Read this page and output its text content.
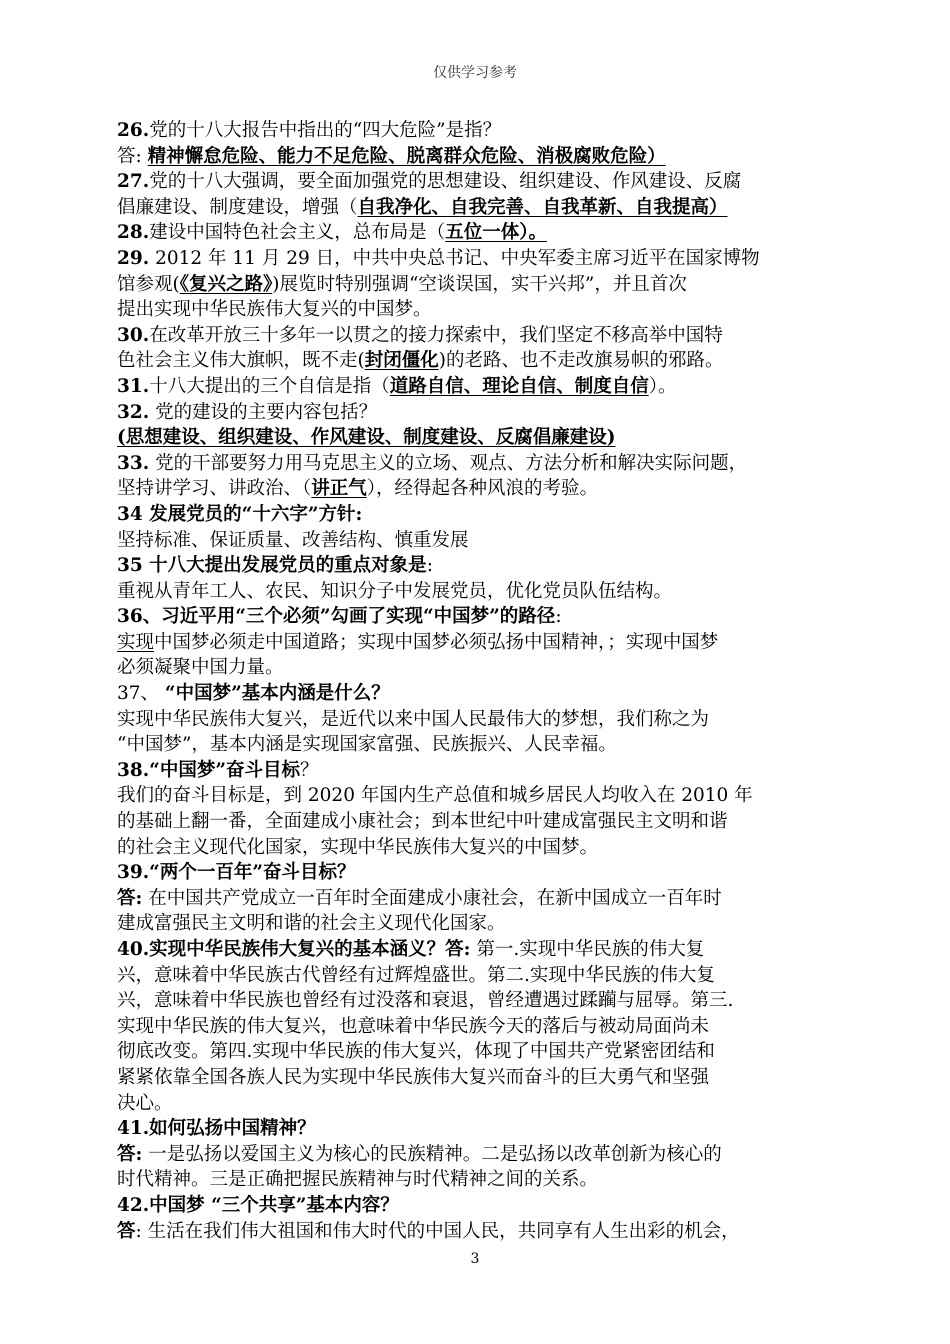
仅供学习参考
26.党的十八大报告中指出的“四大危险”是指？
答: 精神懈怠危险、能力不足危险、脱离群众危险、消极腐败危险）
27.党的十八大强调，要全面加强党的思想建设、组织建设、作风建设、反腐
倡廉建设、制度建设，增强（自我净化、自我完善、自我革新、自我提高）
28.建设中国特色社会主义，总布局是（五位一体）。
29. 2012 年 11 月 29 日，中共中央总书记、中央军委主席习近平在国家博物
馆参观(《复兴之路》)展览时特别强调“空谈误国，实干兴邦”，并且首次
提出实现中华民族伟大复兴的中国梦。
30.在改革开放三十多年一以贯之的接力探索中，我们坚定不移高举中国特
色社会主义伟大旗帜，既不走(封闭僵化)的老路、也不走改旗易帜的邪路。
31.十八大提出的三个自信是指（道路自信、理论自信、制度自信）。
32. 党的建设的主要内容包括？
(思想建设、组织建设、作风建设、制度建设、反腐倡廉建设)
33. 党的干部要努力用马克思主义的立场、观点、方法分析和解决实际问题，
坚持讲学习、讲政治、（讲正气），经得起各种风浪的考验。
34 发展党员的“十六字”方针:
坚持标准、保证质量、改善结构、慎重发展
35 十八大提出发展党员的重点对象是:
重视从青年工人、农民、知识分子中发展党员，优化党员队伍结构。
36、习近平用“三个必须”勾画了实现“中国梦”的路径:
实现中国梦必须走中国道路；实现中国梦必须弘扬中国精神，；实现中国梦
必须凝聚中国力量。
37、 “中国梦”基本内涵是什么？
实现中华民族伟大复兴，是近代以来中国人民最伟大的梦想，我们称之为
“中国梦”，基本内涵是实现国家富强、民族振兴、人民幸福。
38.“中国梦”奋斗目标？
我们的奋斗目标是，到 2020 年国内生产总值和城乡居民人均收入在 2010 年
的基础上翻一番，全面建成小康社会；到本世纪中叶建成富强民主文明和谐
的社会主义现代化国家，实现中华民族伟大复兴的中国梦。
39.“两个一百年”奋斗目标？
答: 在中国共产党成立一百年时全面建成小康社会，在新中国成立一百年时
建成富强民主文明和谐的社会主义现代化国家。
40.实现中华民族伟大复兴的基本涵义？答: 第一.实现中华民族的伟大复
兴，意味着中华民族古代曾经有过辉煌盛世。第二.实现中华民族的伟大复
兴，意味着中华民族也曾经有过没落和衰退，曾经遭遇过蹂躏与屈辱。第三.
实现中华民族的伟大复兴，也意味着中华民族今天的落后与被动局面尚未
彻底改变。第四.实现中华民族的伟大复兴，体现了中国共产党紧密团结和
紧紧依靠全国各族人民为实现中华民族伟大复兴而奋斗的巨大勇气和坚强
决心。
41.如何弘扬中国精神？
答: 一是弘扬以爱国主义为核心的民族精神。二是弘扬以改革创新为核心的
时代精神。三是正确把握民族精神与时代精神之间的关系。
42.中国梦 “三个共享”基本内容？
答: 生活在我们伟大祖国和伟大时代的中国人民，共同享有人生出彩的机会，
3
